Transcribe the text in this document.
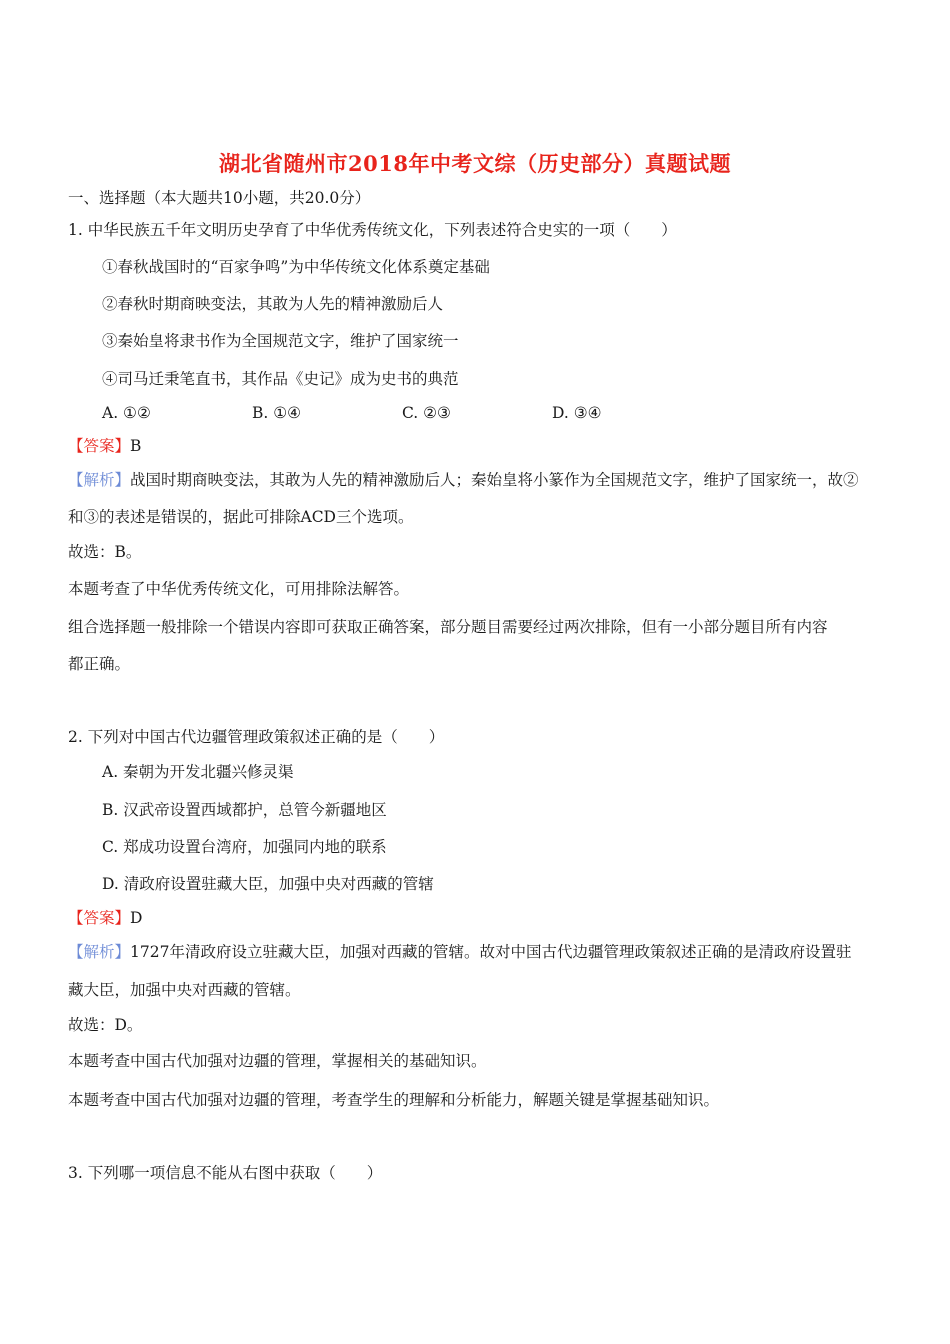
湖北省随州市2018年中考文综（历史部分）真题试题
一、选择题（本大题共10小题，共20.0分）
1. 中华民族五千年文明历史孕育了中华优秀传统文化，下列表述符合史实的一项（　　）
①春秋战国时的“百家争鸣”为中华传统文化体系奠定基础
②春秋时期商映变法，其敢为人先的精神激励后人
③秦始皇将隶书作为全国规范文字，维护了国家统一
④司马迁秉笔直书，其作品《史记》成为史书的典范
A. ①②	B. ①④	C. ②③	D. ③④
【答案】B
【解析】战国时期商映变法，其敢为人先的精神激励后人；秦始皇将小篆作为全国规范文字，维护了国家统一，故②
和③的表述是错误的，据此可排除ACD三个选项。
故选：B。
本题考查了中华优秀传统文化，可用排除法解答。
组合选择题一般排除一个错误内容即可获取正确答案，部分题目需要经过两次排除，但有一小部分题目所有内容
都正确。
2. 下列对中国古代边疆管理政策叙述正确的是（　　）
A. 秦朝为开发北疆兴修灵渠
B. 汉武帝设置西域都护，总管今新疆地区
C. 郑成功设置台湾府，加强同内地的联系
D. 清政府设置驻藏大臣，加强中央对西藏的管辖
【答案】D
【解析】1727年清政府设立驻藏大臣，加强对西藏的管辖。故对中国古代边疆管理政策叙述正确的是清政府设置驻
藏大臣，加强中央对西藏的管辖。
故选：D。
本题考查中国古代加强对边疆的管理，掌握相关的基础知识。
本题考查中国古代加强对边疆的管理，考查学生的理解和分析能力，解题关键是掌握基础知识。
3. 下列哪一项信息不能从右图中获取（　　）
